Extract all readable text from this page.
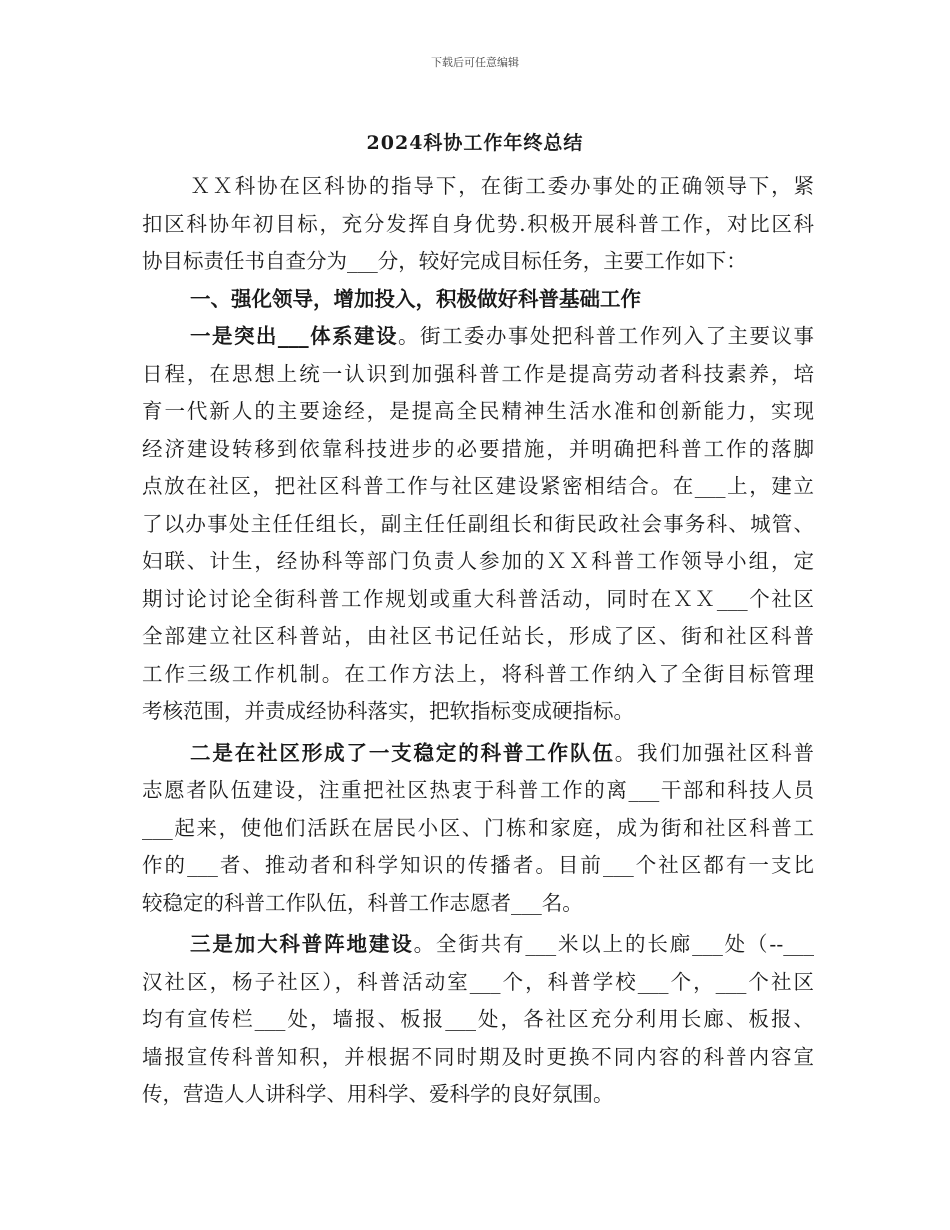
下载后可任意编辑
2024科协工作年终总结
ＸＸ科协在区科协的指导下，在街工委办事处的正确领导下，紧
扣区科协年初目标，充分发挥自身优势.积极开展科普工作，对比区科
协目标责任书自查分为___分，较好完成目标任务，主要工作如下：
一、强化领导，增加投入，积极做好科普基础工作
一是突出___体系建设。街工委办事处把科普工作列入了主要议事
日程，在思想上统一认识到加强科普工作是提高劳动者科技素养，培
育一代新人的主要途经，是提高全民精神生活水准和创新能力，实现
经济建设转移到依靠科技进步的必要措施，并明确把科普工作的落脚
点放在社区，把社区科普工作与社区建设紧密相结合。在___上，建立
了以办事处主任任组长，副主任任副组长和街民政社会事务科、城管、
妇联、计生，经协科等部门负责人参加的ＸＸ科普工作领导小组，定
期讨论讨论全街科普工作规划或重大科普活动，同时在ＸＸ___个社区
全部建立社区科普站，由社区书记任站长，形成了区、街和社区科普
工作三级工作机制。在工作方法上，将科普工作纳入了全街目标管理
考核范围，并责成经协科落实，把软指标变成硬指标。
二是在社区形成了一支稳定的科普工作队伍。我们加强社区科普
志愿者队伍建设，注重把社区热衷于科普工作的离___干部和科技人员
___起来，使他们活跃在居民小区、门栋和家庭，成为街和社区科普工
作的___者、推动者和科学知识的传播者。目前___个社区都有一支比
较稳定的科普工作队伍，科普工作志愿者___名。
三是加大科普阵地建设。全街共有___米以上的长廊___处（--___
汉社区，杨子社区），科普活动室___个，科普学校___个，___个社区
均有宣传栏___处，墙报、板报___处，各社区充分利用长廊、板报、
墙报宣传科普知积，并根据不同时期及时更换不同内容的科普内容宣
传，营造人人讲科学、用科学、爱科学的良好氛围。
